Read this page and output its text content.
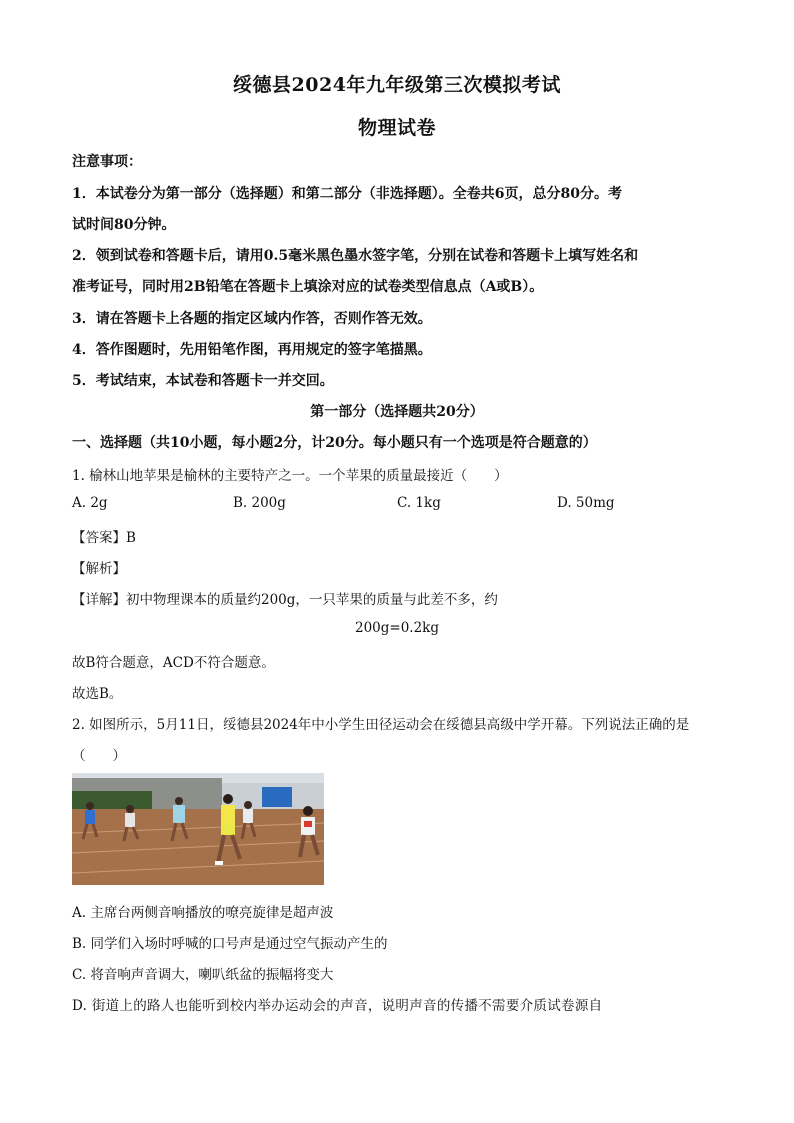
绥德县2024年九年级第三次模拟考试
物理试卷
注意事项：
1．本试卷分为第一部分（选择题）和第二部分（非选择题）。全卷共6页，总分80分。考
试时间80分钟。
2．领到试卷和答题卡后，请用0.5毫米黑色墨水签字笔，分别在试卷和答题卡上填写姓名和
准考证号，同时用2B铅笔在答题卡上填涂对应的试卷类型信息点（A或B）。
3．请在答题卡上各题的指定区域内作答，否则作答无效。
4．答作图题时，先用铅笔作图，再用规定的签字笔描黑。
5．考试结束，本试卷和答题卡一并交回。
第一部分（选择题共20分）
一、选择题（共10小题，每小题2分，计20分。每小题只有一个选项是符合题意的）
1. 榆林山地苹果是榆林的主要特产之一。一个苹果的质量最接近（　　）
A. 2g	B. 200g	C. 1kg	D. 50mg
【答案】B
【解析】
【详解】初中物理课本的质量约200g，一只苹果的质量与此差不多，约
200g=0.2kg
故B符合题意，ACD不符合题意。
故选B。
2. 如图所示，5月11日，绥德县2024年中小学生田径运动会在绥德县高级中学开幕。下列说法正确的是
（　　）
A. 主席台两侧音响播放的嘹亮旋律是超声波
B. 同学们入场时呼喊的口号声是通过空气振动产生的
C. 将音响声音调大，喇叭纸盆的振幅将变大
D. 街道上的路人也能听到校内举办运动会的声音，说明声音的传播不需要介质试卷源自
